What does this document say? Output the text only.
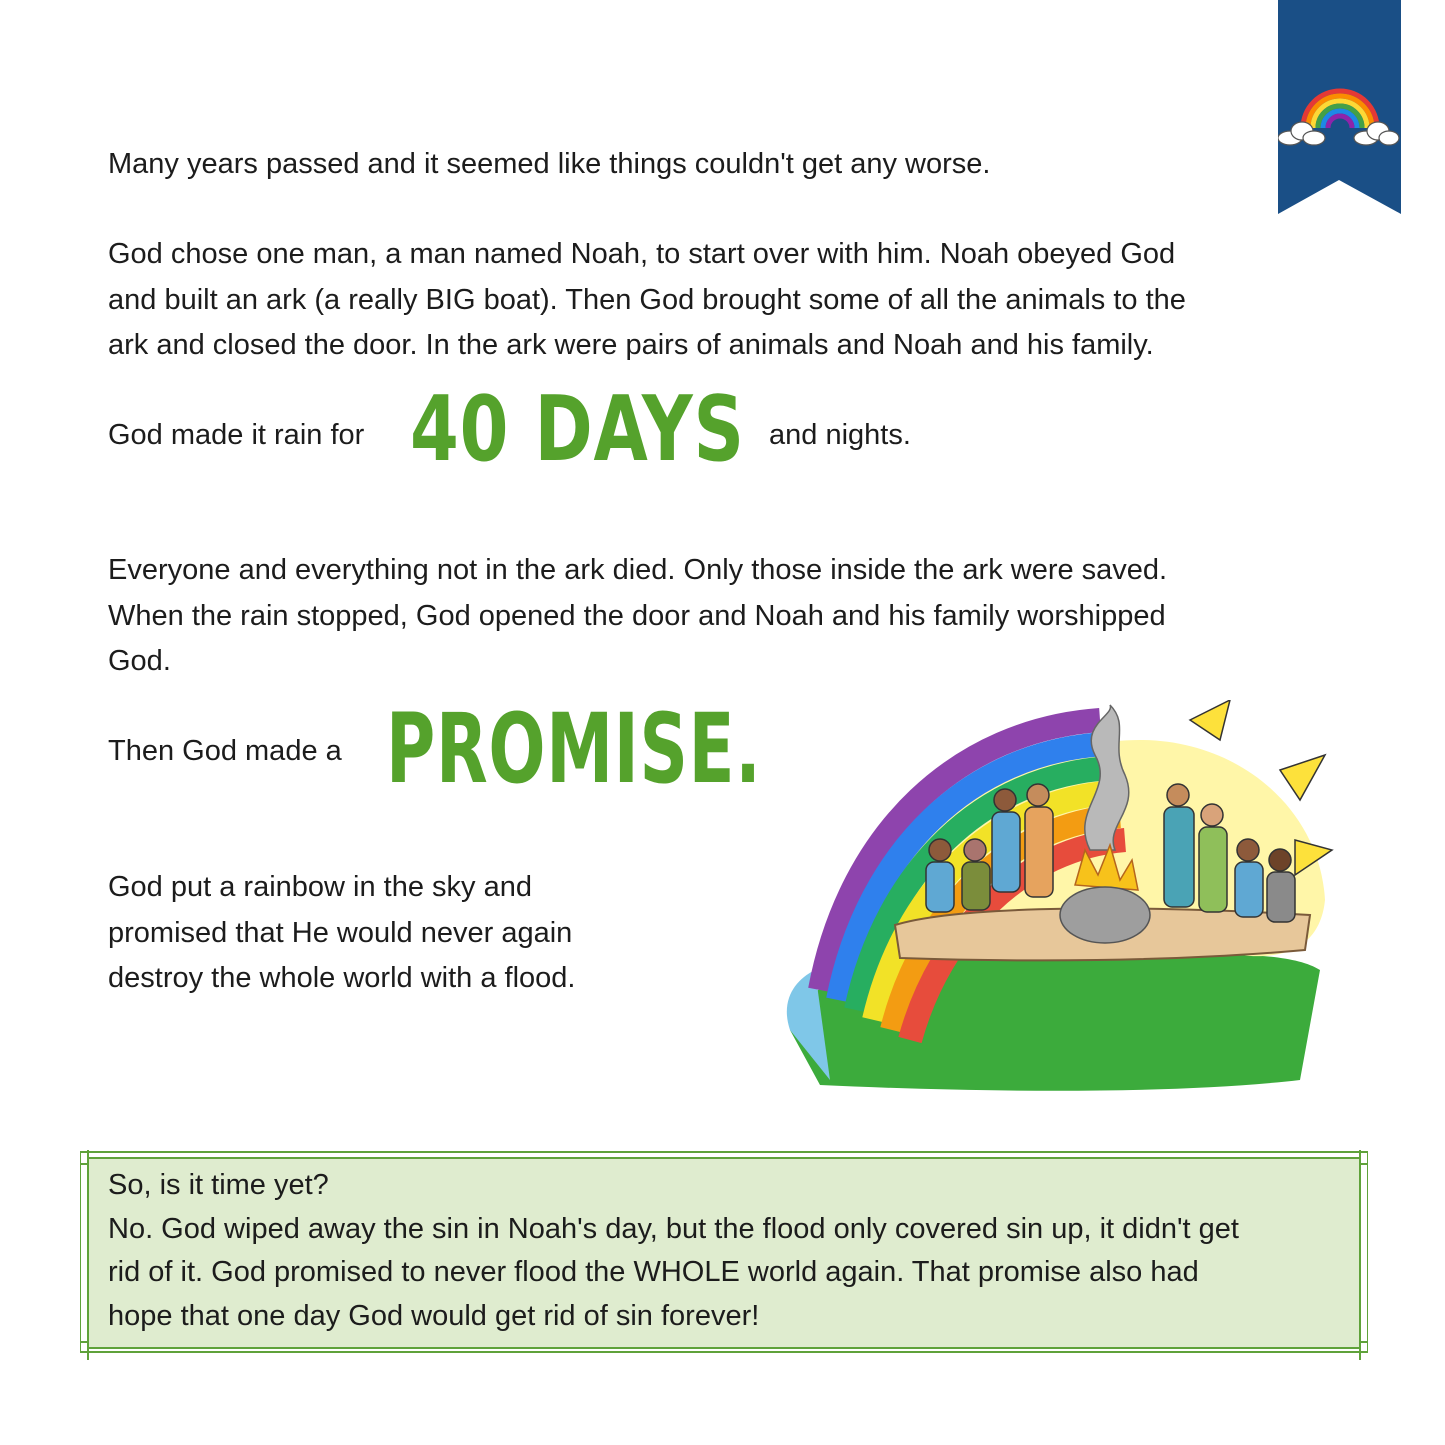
Many years passed and it seemed like things couldn't get any worse.

God chose one man, a man named Noah, to start over with him. Noah obeyed God
and built an ark (a really BIG boat). Then God brought some of all the animals to the
ark and closed the door. In the ark were pairs of animals and Noah and his family.

God made it rain for 40 DAYS and nights.

Everyone and everything not in the ark died. Only those inside the ark were saved.
When the rain stopped, God opened the door and Noah and his family worshipped
God.

Then God made a PROMISE.

God put a rainbow in the sky and
promised that He would never again
destroy the whole world with a flood.
So, is it time yet?
No. God wiped away the sin in Noah's day, but the flood only covered sin up, it didn't get
rid of it. God promised to never flood the WHOLE world again. That promise also had
hope that one day God would get rid of sin forever!
